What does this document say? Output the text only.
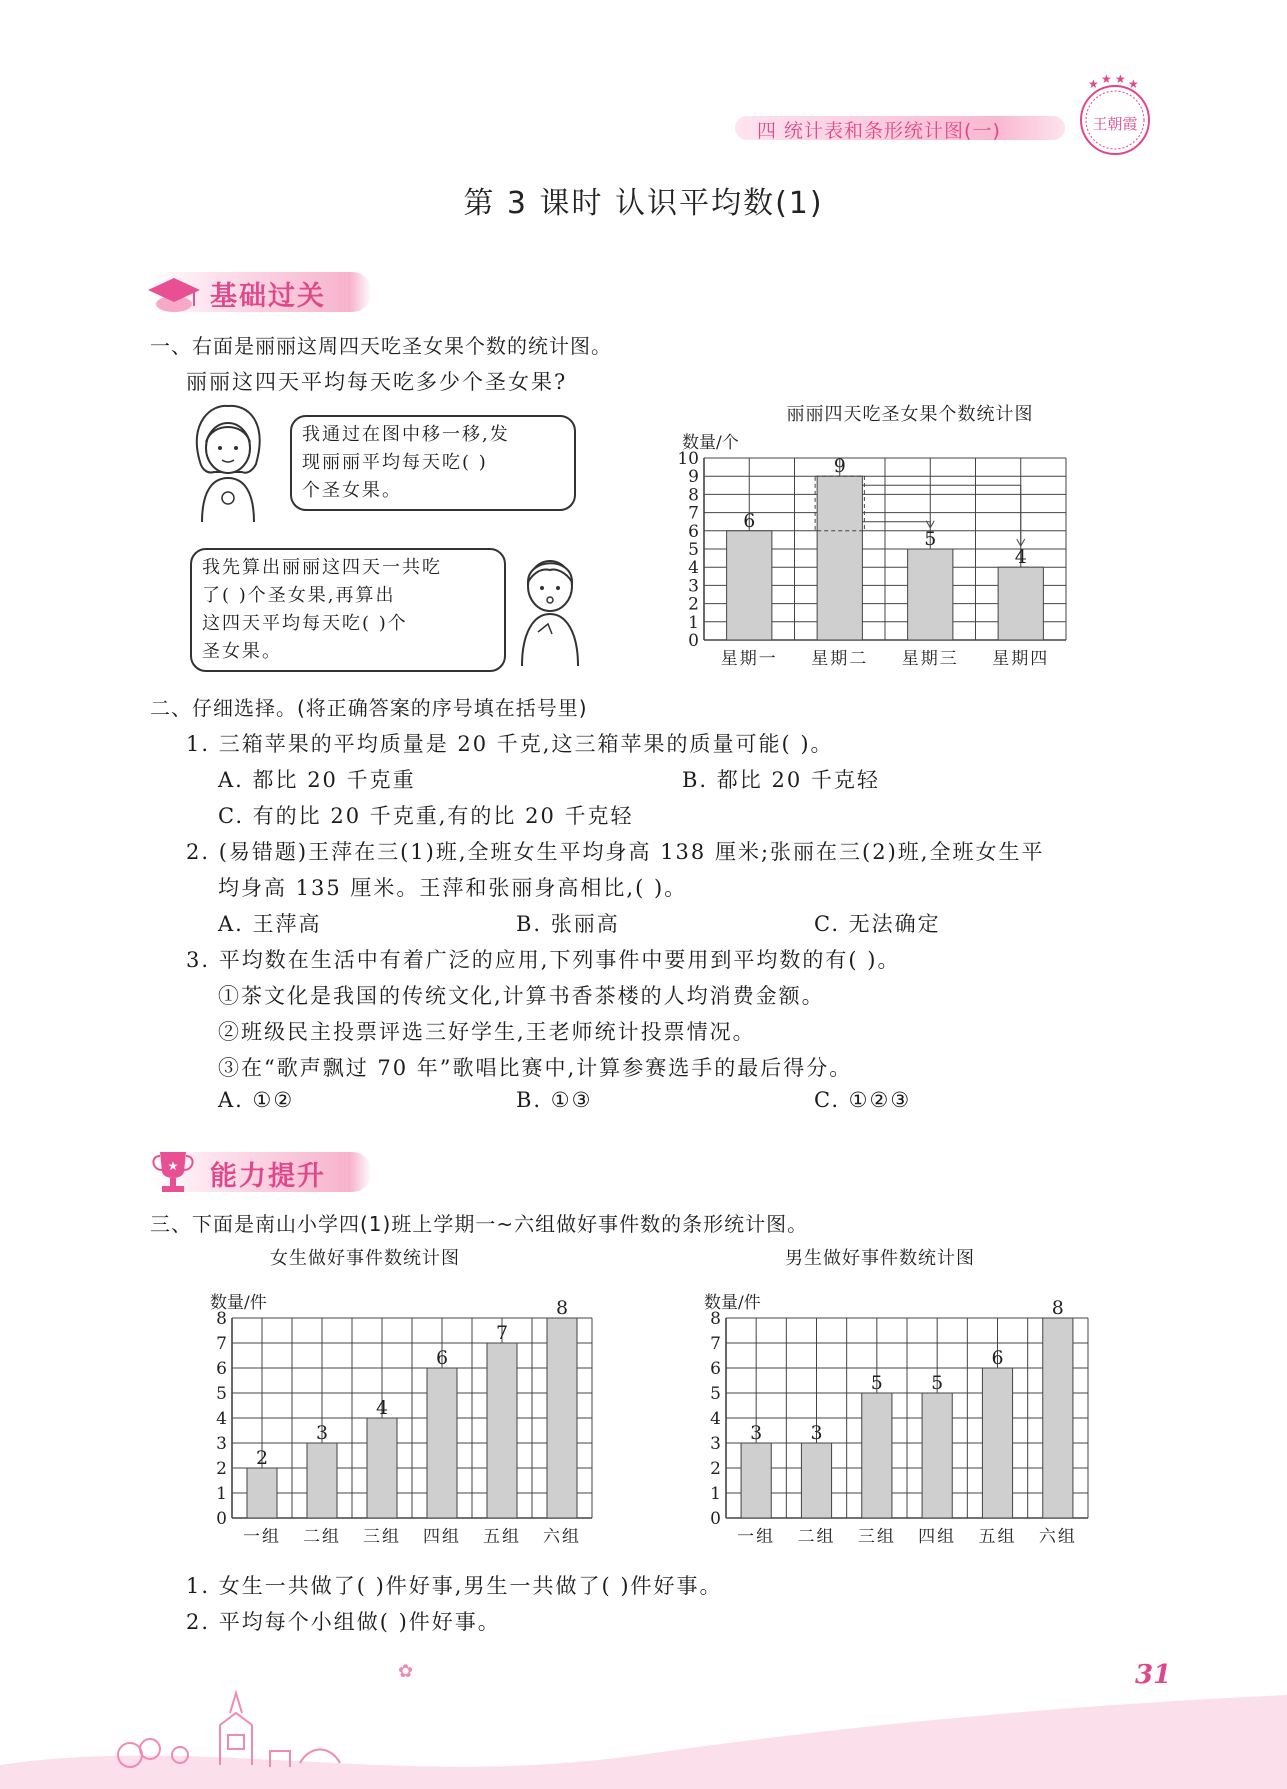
四 统计表和条形统计图(一)
★ ★ ★ ★
王朝霞
第 3 课时 认识平均数(1)
基础过关
一、右面是丽丽这周四天吃圣女果个数的统计图。
丽丽这四天平均每天吃多少个圣女果?
我通过在图中移一移,发
现丽丽平均每天吃( )
个圣女果。
我先算出丽丽这四天一共吃
了( )个圣女果,再算出
这四天平均每天吃( )个
圣女果。
丽丽四天吃圣女果个数统计图
0
1
2
3
4
5
6
7
8
9
10
数量/个
6
星期一
9
星期二
5
星期三
4
星期四
二、仔细选择。(将正确答案的序号填在括号里)
1. 三箱苹果的平均质量是 20 千克,这三箱苹果的质量可能( )。
A. 都比 20 千克重	B. 都比 20 千克轻
C. 有的比 20 千克重,有的比 20 千克轻
2. (易错题)王萍在三(1)班,全班女生平均身高 138 厘米;张丽在三(2)班,全班女生平
均身高 135 厘米。王萍和张丽身高相比,( )。
A. 王萍高	B. 张丽高	C. 无法确定
3. 平均数在生活中有着广泛的应用,下列事件中要用到平均数的有( )。
①茶文化是我国的传统文化,计算书香茶楼的人均消费金额。
②班级民主投票评选三好学生,王老师统计投票情况。
③在“歌声飘过 70 年”歌唱比赛中,计算参赛选手的最后得分。
A. ①②	B. ①③	C. ①②③
★ 能力提升
三、下面是南山小学四(1)班上学期一~六组做好事件数的条形统计图。
女生做好事件数统计图	男生做好事件数统计图
0
1
2
3
4
5
6
7
8
数量/件
2
一组
3
二组
4
三组
6
四组
7
五组
8
六组
0
1
2
3
4
5
6
7
8
数量/件
3
一组
3
二组
5
三组
5
四组
6
五组
8
六组
1. 女生一共做了( )件好事,男生一共做了( )件好事。
2. 平均每个小组做( )件好事。
✿	31
